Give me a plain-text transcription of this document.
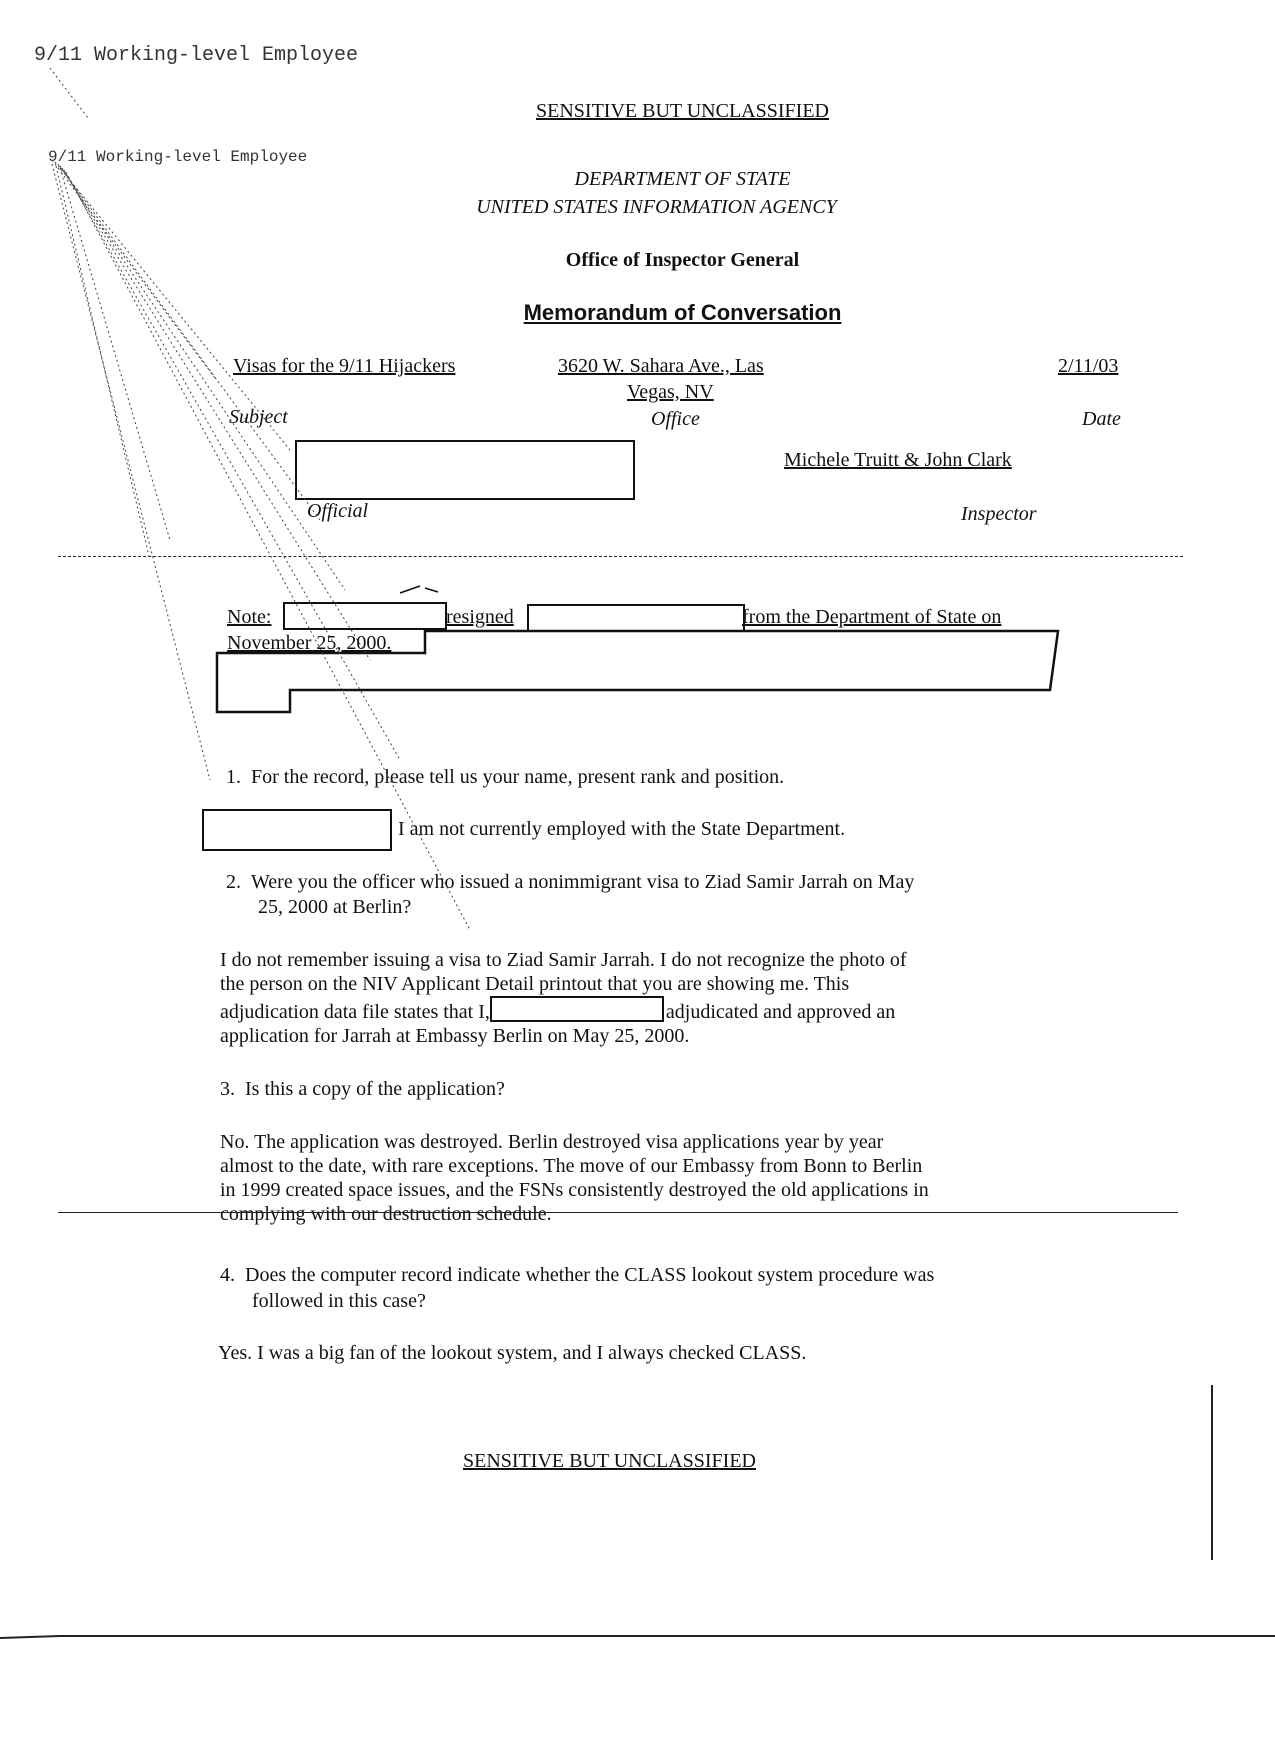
9/11 Working-level Employee
9/11 Working-level Employee
SENSITIVE BUT UNCLASSIFIED
DEPARTMENT OF STATE
UNITED STATES INFORMATION AGENCY
Office of Inspector General
Memorandum of Conversation
Visas for the 9/11 Hijackers	3620 W. Sahara Ave., Las
Vegas, NV
2/11/03
Subject	Office	Date
Michele Truitt & John Clark
Official	Inspector
Note:	resigned	from the Department of State on
November 25, 2000.
1.  For the record, please tell us your name, present rank and position.
I am not currently employed with the State Department.
2.  Were you the officer who issued a nonimmigrant visa to Ziad Samir Jarrah on May
25, 2000 at Berlin?

I do not remember issuing a visa to Ziad Samir Jarrah. I do not recognize the photo of

the person on the NIV Applicant Detail printout that you are showing me. This

adjudication data file states that I,	adjudicated and approved an

application for Jarrah at Embassy Berlin on May 25, 2000.

3.  Is this a copy of the application?

No. The application was destroyed. Berlin destroyed visa applications year by year

almost to the date, with rare exceptions. The move of our Embassy from Bonn to Berlin

in 1999 created space issues, and the FSNs consistently destroyed the old applications in

complying with our destruction schedule.

4.  Does the computer record indicate whether the CLASS lookout system procedure was
followed in this case?
Yes. I was a big fan of the lookout system, and I always checked CLASS.
SENSITIVE BUT UNCLASSIFIED
